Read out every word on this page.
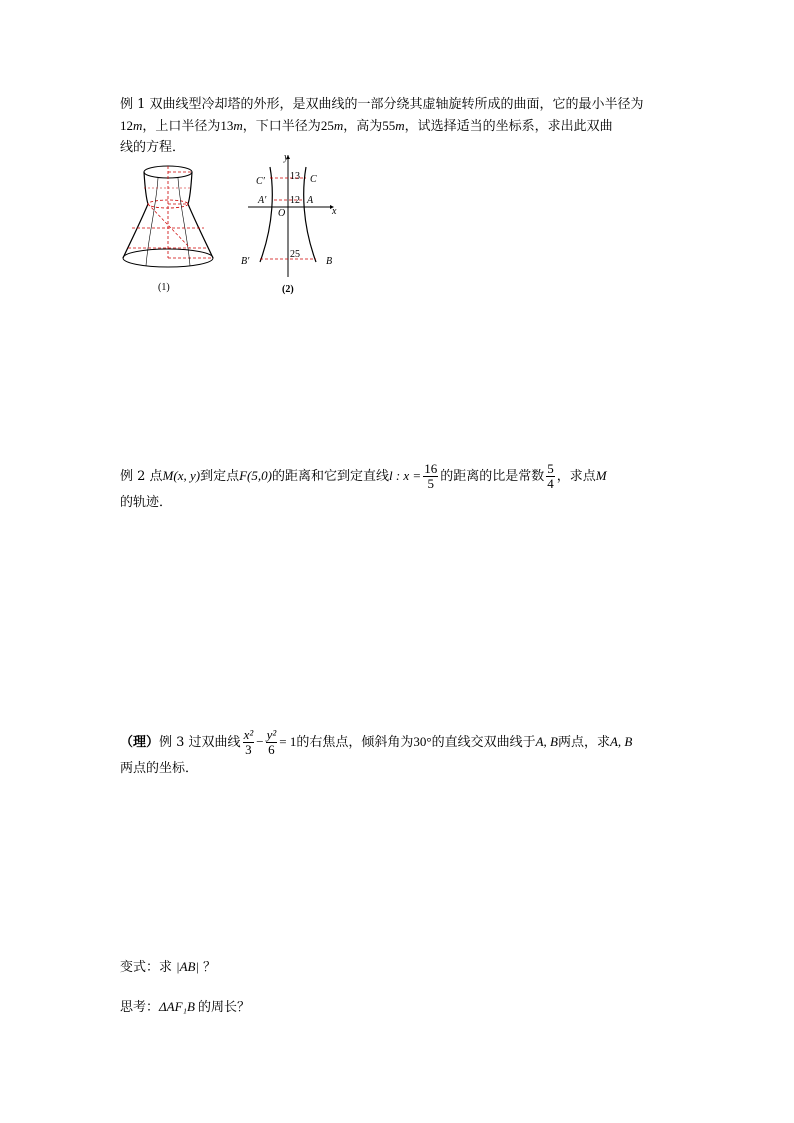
例 1 双曲线型冷却塔的外形，是双曲线的一部分绕其虚轴旋转所成的曲面，它的最小半径为
12m，上口半径为13m，下口半径为25m，高为55m，试选择适当的坐标系，求出此双曲
线的方程．
(1)
y
x
O
C
C′
A
A′
B
B′
13
12
25
(2)
例 2 点M(x, y)到定点F(5,0)的距离和它到定直线l : $x = \frac{16}{5}$ 的距离的比是常数 $\frac{5}{4}$ ，求点M
的轨迹．
（理）例 3 过双曲线 $\frac{\text{x²}}{3} - \frac{\text{y²}}{6} = 1$的右焦点，倾斜角为30°的直线交双曲线于A, B两点，求A, B
两点的坐标．
变式：求 |AB| ？
思考：ΔAF₁B 的周长？
